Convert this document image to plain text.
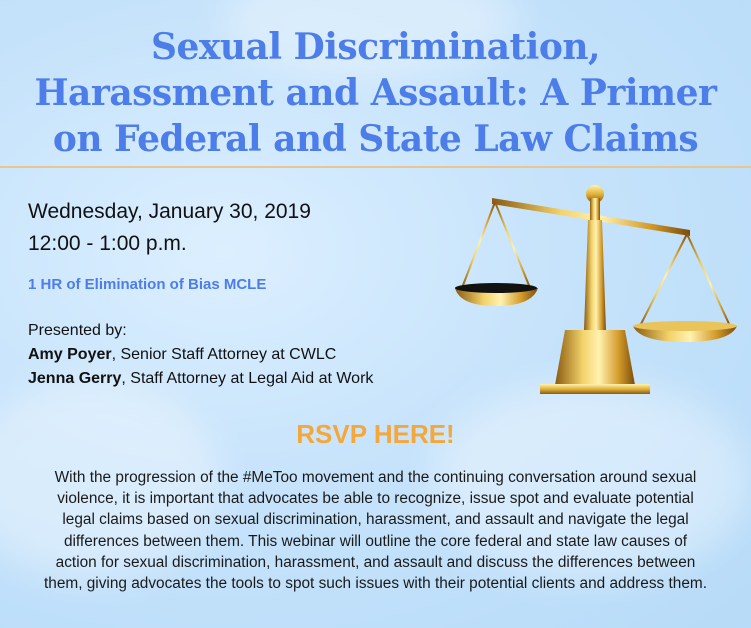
Sexual Discrimination,
Harassment and Assault: A Primer
on Federal and State Law Claims
Wednesday, January 30, 2019
12:00 - 1:00 p.m.
1 HR of Elimination of Bias MCLE
Presented by:
Amy Poyer, Senior Staff Attorney at CWLC
Jenna Gerry, Staff Attorney at Legal Aid at Work
RSVP HERE!
With the progression of the #MeToo movement and the continuing conversation around sexual
violence, it is important that advocates be able to recognize, issue spot and evaluate potential
legal claims based on sexual discrimination, harassment, and assault and navigate the legal
differences between them. This webinar will outline the core federal and state law causes of
action for sexual discrimination, harassment, and assault and discuss the differences between
them, giving advocates the tools to spot such issues with their potential clients and address them.
